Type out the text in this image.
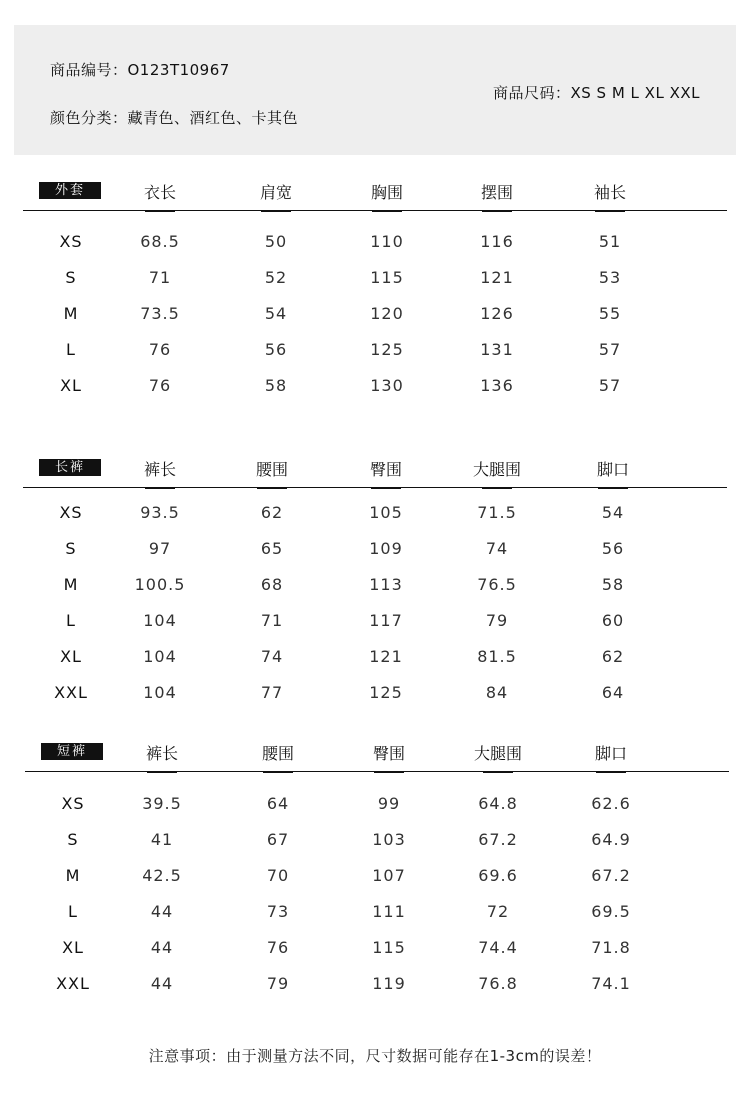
商品编号：O123T10967
颜色分类：藏青色、酒红色、卡其色
商品尺码：XS S M L XL XXL
外套	衣长	肩宽	胸围	摆围	袖长
XS	68.5	50	110	116	51
S	71	52	115	121	53
M	73.5	54	120	126	55
L	76	56	125	131	57
XL	76	58	130	136	57
长裤	裤长	腰围	臀围	大腿围	脚口
XS	93.5	62	105	71.5	54
S	97	65	109	74	56
M	100.5	68	113	76.5	58
L	104	71	117	79	60
XL	104	74	121	81.5	62
XXL	104	77	125	84	64
短裤	裤长	腰围	臀围	大腿围	脚口
XS	39.5	64	99	64.8	62.6
S	41	67	103	67.2	64.9
M	42.5	70	107	69.6	67.2
L	44	73	111	72	69.5
XL	44	76	115	74.4	71.8
XXL	44	79	119	76.8	74.1
注意事项：由于测量方法不同，尺寸数据可能存在1-3cm的误差！
